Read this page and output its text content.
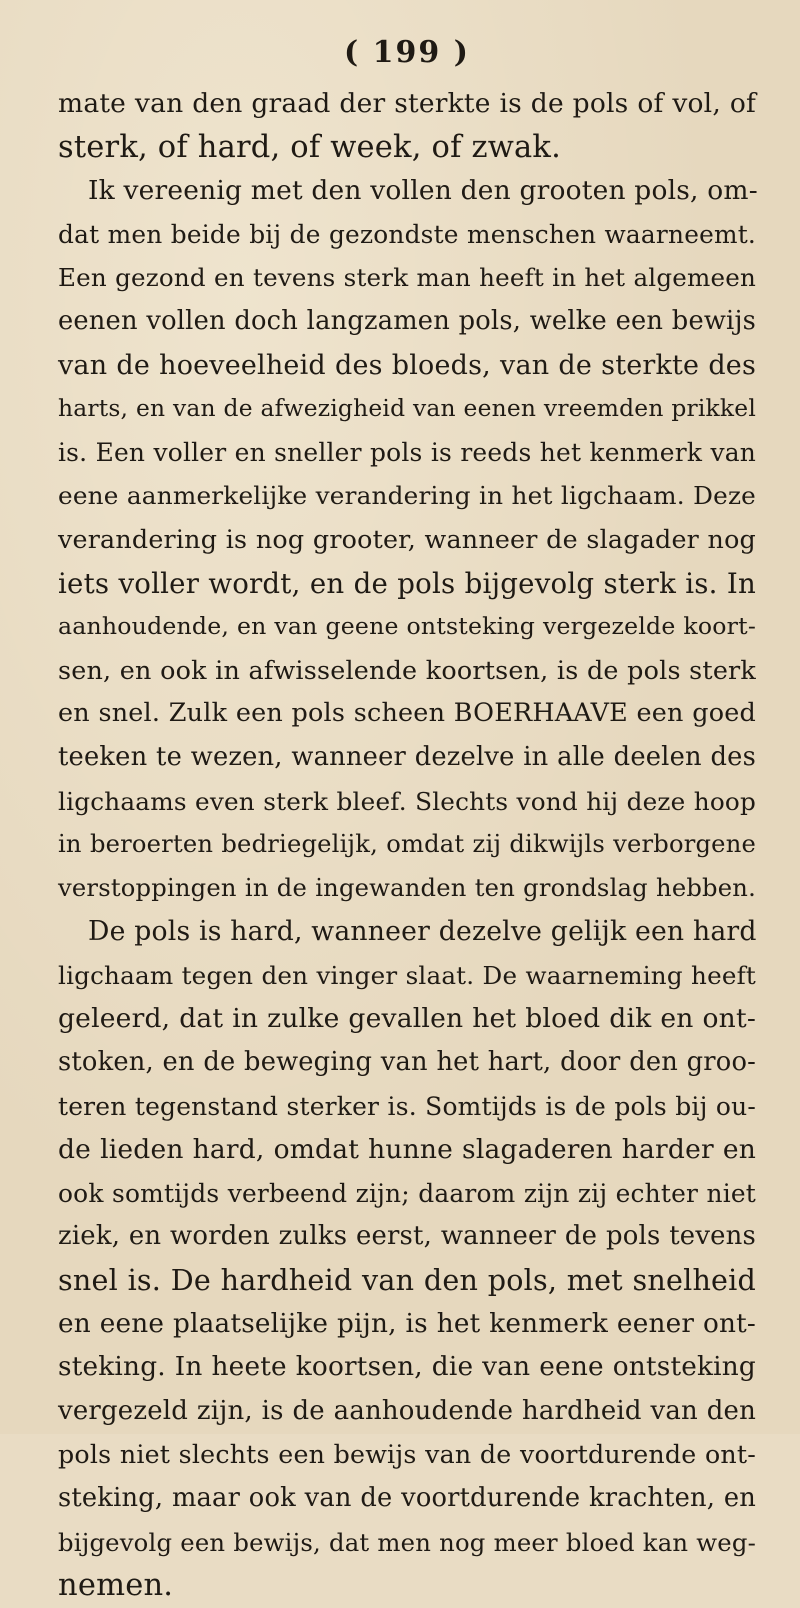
( 199 )

mate van den graad der sterkte is de pols of vol, of

sterk, of hard, of week, of zwak.

Ik vereenig met den vollen den grooten pols, om-

dat men beide bij de gezondste menschen waarneemt.

Een gezond en tevens sterk man heeft in het algemeen

eenen vollen doch langzamen pols, welke een bewijs

van de hoeveelheid des bloeds, van de sterkte des

harts, en van de afwezigheid van eenen vreemden prikkel

is. Een voller en sneller pols is reeds het kenmerk van

eene aanmerkelijke verandering in het ligchaam. Deze

verandering is nog grooter, wanneer de slagader nog

iets voller wordt, en de pols bijgevolg sterk is. In

aanhoudende, en van geene ontsteking vergezelde koort-

sen, en ook in afwisselende koortsen, is de pols sterk

en snel. Zulk een pols scheen BOERHAAVE een goed

teeken te wezen, wanneer dezelve in alle deelen des

ligchaams even sterk bleef. Slechts vond hij deze hoop

in beroerten bedriegelijk, omdat zij dikwijls verborgene

verstoppingen in de ingewanden ten grondslag hebben.

De pols is hard, wanneer dezelve gelijk een hard

ligchaam tegen den vinger slaat. De waarneming heeft

geleerd, dat in zulke gevallen het bloed dik en ont-

stoken, en de beweging van het hart, door den groo-

teren tegenstand sterker is. Somtijds is de pols bij ou-

de lieden hard, omdat hunne slagaderen harder en

ook somtijds verbeend zijn; daarom zijn zij echter niet

ziek, en worden zulks eerst, wanneer de pols tevens

snel is. De hardheid van den pols, met snelheid

en eene plaatselijke pijn, is het kenmerk eener ont-

steking. In heete koortsen, die van eene ontsteking

vergezeld zijn, is de aanhoudende hardheid van den

pols niet slechts een bewijs van de voortdurende ont-

steking, maar ook van de voortdurende krachten, en

bijgevolg een bewijs, dat men nog meer bloed kan weg-

nemen.
